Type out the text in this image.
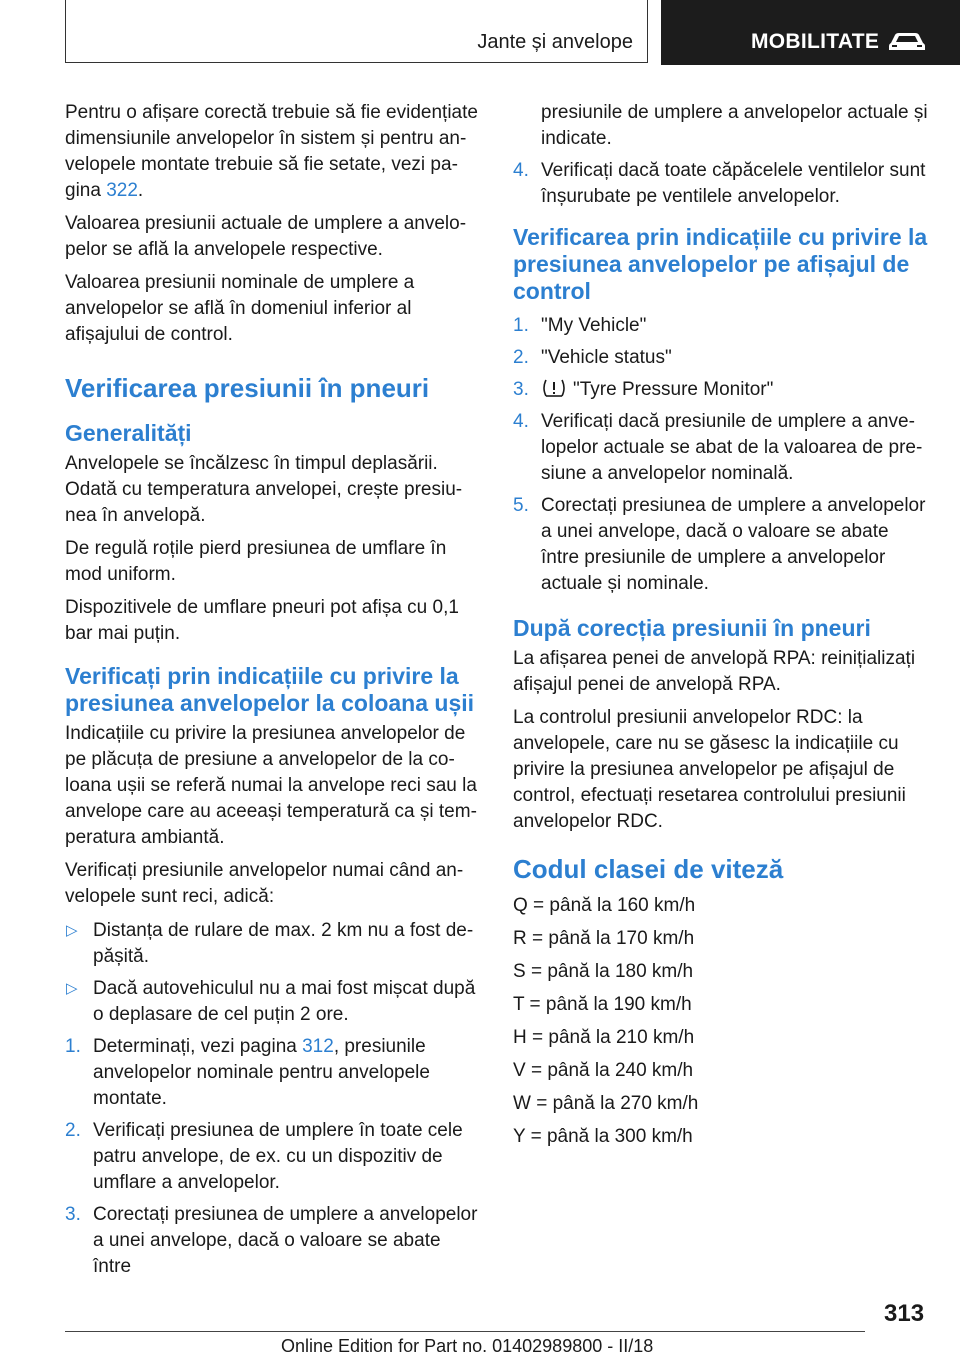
Jante și anvelope	MOBILITATE

Pentru o afișare corectă trebuie să fie evidențiate dimensiunile anvelopelor în sistem și pentru anvelopele montate trebuie să fie setate, vezi pagina 322.

Valoarea presiunii actuale de umplere a anvelopelor se află la anvelopele respective.

Valoarea presiunii nominale de umplere a anvelopelor se află în domeniul inferior al afișajului de control.

Verificarea presiunii în pneuri
Generalități

Anvelopele se încălzesc în timpul deplasării. Odată cu temperatura anvelopei, crește presiunea în anvelopă.

De regulă roțile pierd presiunea de umflare în mod uniform.

Dispozitivele de umflare pneuri pot afișa cu 0,1 bar mai puțin.

Verificați prin indicațiile cu privire la presiunea anvelopelor la coloana ușii

Indicațiile cu privire la presiunea anvelopelor de pe plăcuța de presiune a anvelopelor de la coloana ușii se referă numai la anvelope reci sau la anvelope care au aceeași temperatură ca și temperatura ambiantă.

Verificați presiunile anvelopelor numai când anvelopele sunt reci, adică:

▷ Distanța de rulare de max. 2 km nu a fost depășită.
▷ Dacă autovehiculul nu a mai fost mișcat după o deplasare de cel puțin 2 ore.
1. Determinați, vezi pagina 312, presiunile anvelopelor nominale pentru anvelopele montate.
2. Verificați presiunea de umplere în toate cele patru anvelope, de ex. cu un dispozitiv de umflare a anvelopelor.
3. Corectați presiunea de umplere a anvelopelor a unei anvelope, dacă o valoare se abate între
presiunile de umplere a anvelopelor actuale și indicate.
4. Verificați dacă toate căpăcelele ventilelor sunt înșurubate pe ventilele anvelopelor.
Verificarea prin indicațiile cu privire la presiunea anvelopelor pe afișajul de control
1. "My Vehicle"
2. "Vehicle status"
3. "Tyre Pressure Monitor"
4. Verificați dacă presiunile de umplere a anvelopelor actuale se abat de la valoarea de presiune a anvelopelor nominală.
5. Corectați presiunea de umplere a anvelopelor a unei anvelope, dacă o valoare se abate între presiunile de umplere a anvelopelor actuale și nominale.
După corecția presiunii în pneuri

La afișarea penei de anvelopă RPA: reinițializați afișajul penei de anvelopă RPA.

La controlul presiunii anvelopelor RDC: la anvelopele, care nu se găsesc la indicațiile cu privire la presiunea anvelopelor pe afișajul de control, efectuați resetarea controlului presiunii anvelopelor RDC.

Codul clasei de viteză

Q = până la 160 km/h

R = până la 170 km/h

S = până la 180 km/h

T = până la 190 km/h

H = până la 210 km/h

V = până la 240 km/h

W = până la 270 km/h

Y = până la 300 km/h

313
Online Edition for Part no. 01402989800 - II/18
